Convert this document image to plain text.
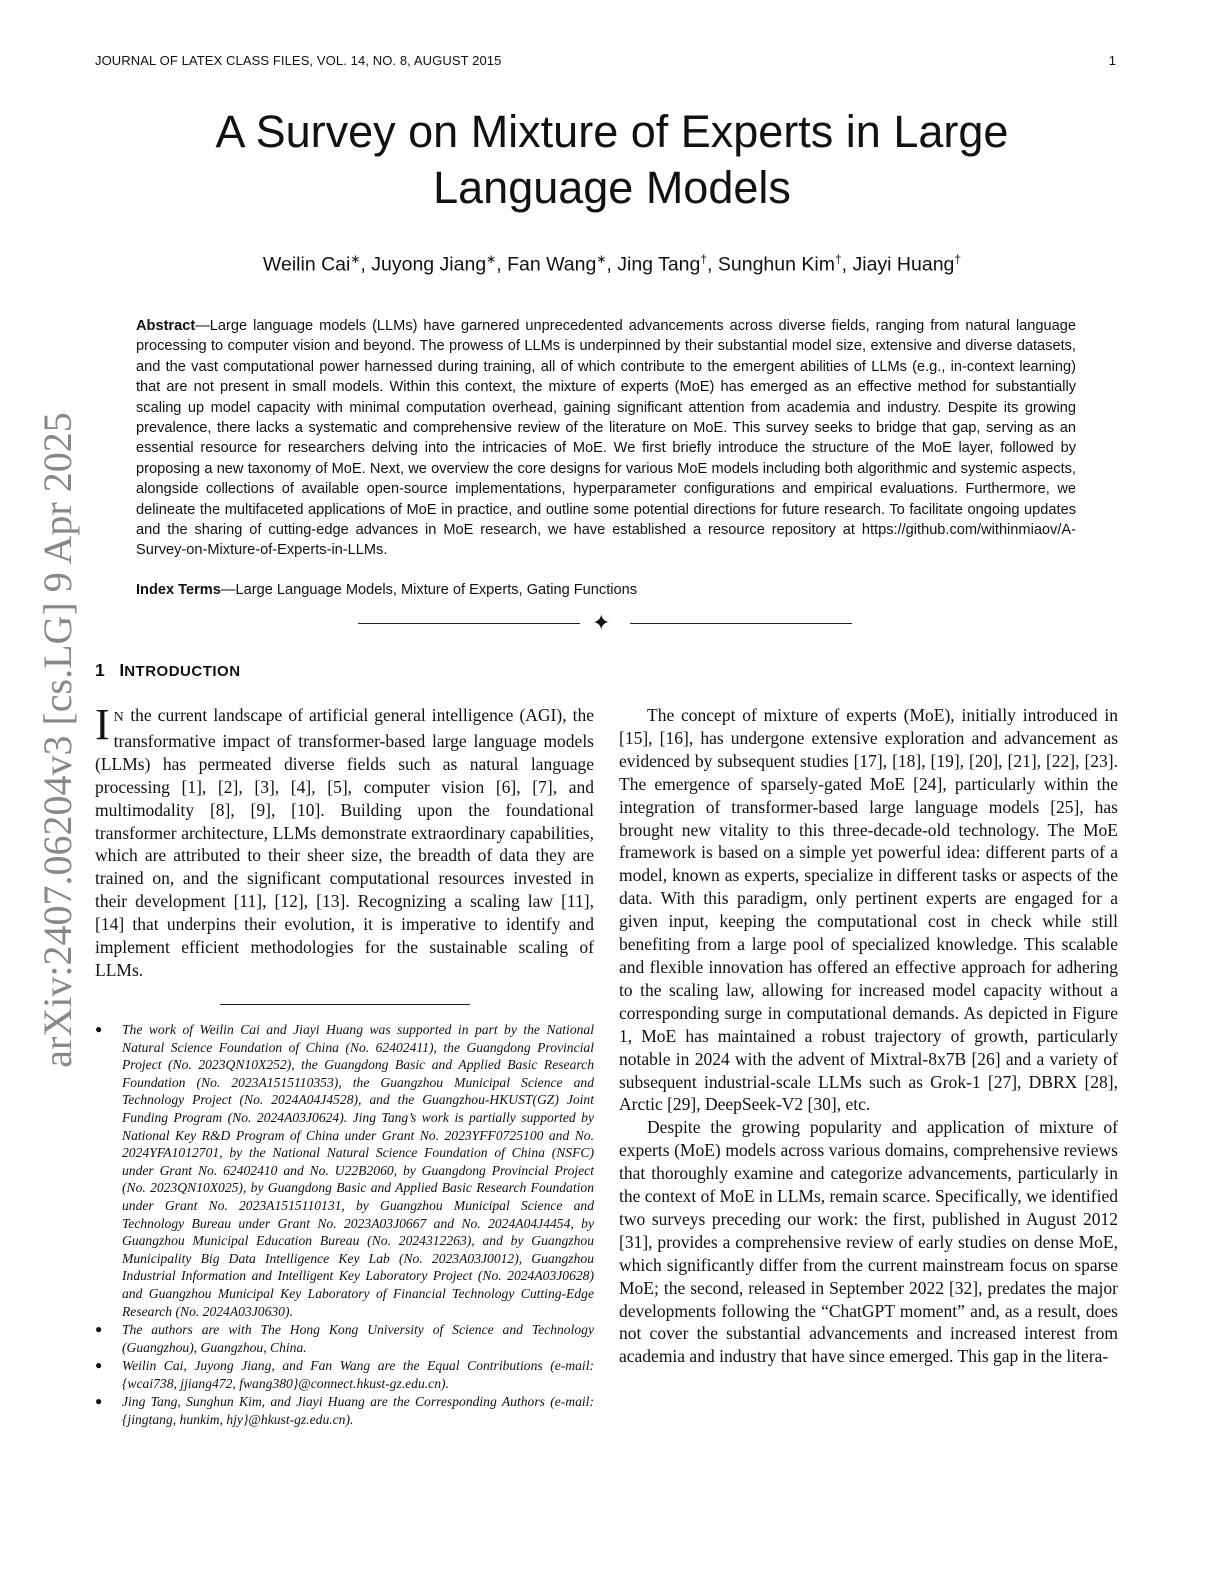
JOURNAL OF LATEX CLASS FILES, VOL. 14, NO. 8, AUGUST 2015	1
A Survey on Mixture of Experts in Large Language Models
Weilin Cai∗, Juyong Jiang∗, Fan Wang∗, Jing Tang†, Sunghun Kim†, Jiayi Huang†

Abstract—Large language models (LLMs) have garnered unprecedented advancements across diverse fields, ranging from natural language processing to computer vision and beyond. The prowess of LLMs is underpinned by their substantial model size, extensive and diverse datasets, and the vast computational power harnessed during training, all of which contribute to the emergent abilities of LLMs (e.g., in-context learning) that are not present in small models. Within this context, the mixture of experts (MoE) has emerged as an effective method for substantially scaling up model capacity with minimal computation overhead, gaining significant attention from academia and industry. Despite its growing prevalence, there lacks a systematic and comprehensive review of the literature on MoE. This survey seeks to bridge that gap, serving as an essential resource for researchers delving into the intricacies of MoE. We first briefly introduce the structure of the MoE layer, followed by proposing a new taxonomy of MoE. Next, we overview the core designs for various MoE models including both algorithmic and systemic aspects, alongside collections of available open-source implementations, hyperparameter configurations and empirical evaluations. Furthermore, we delineate the multifaceted applications of MoE in practice, and outline some potential directions for future research. To facilitate ongoing updates and the sharing of cutting-edge advances in MoE research, we have established a resource repository at https://github.com/withinmiaov/A-Survey-on-Mixture-of-Experts-in-LLMs.

Index Terms—Large Language Models, Mixture of Experts, Gating Functions

✦
1 INTRODUCTION
I N the current landscape of artificial general intelligence (AGI), the transformative impact of transformer-based large language models (LLMs) has permeated diverse fields such as natural language processing [1], [2], [3], [4], [5], computer vision [6], [7], and multimodality [8], [9], [10]. Building upon the foundational transformer architecture, LLMs demonstrate extraordinary capabilities, which are attributed to their sheer size, the breadth of data they are trained on, and the significant computational resources invested in their development [11], [12], [13]. Recognizing a scaling law [11], [14] that underpins their evolution, it is imperative to identify and implement efficient methodologies for the sustainable scaling of LLMs.
● The work of Weilin Cai and Jiayi Huang was supported in part by the National Natural Science Foundation of China (No. 62402411), the Guangdong Provincial Project (No. 2023QN10X252), the Guangdong Basic and Applied Basic Research Foundation (No. 2023A1515110353), the Guangzhou Municipal Science and Technology Project (No. 2024A04J4528), and the Guangzhou-HKUST(GZ) Joint Funding Program (No. 2024A03J0624). Jing Tang’s work is partially supported by National Key R&D Program of China under Grant No. 2023YFF0725100 and No. 2024YFA1012701, by the National Natural Science Foundation of China (NSFC) under Grant No. 62402410 and No. U22B2060, by Guangdong Provincial Project (No. 2023QN10X025), by Guangdong Basic and Applied Basic Research Foundation under Grant No. 2023A1515110131, by Guangzhou Municipal Science and Technology Bureau under Grant No. 2023A03J0667 and No. 2024A04J4454, by Guangzhou Municipal Education Bureau (No. 2024312263), and by Guangzhou Municipality Big Data Intelligence Key Lab (No. 2023A03J0012), Guangzhou Industrial Information and Intelligent Key Laboratory Project (No. 2024A03J0628) and Guangzhou Municipal Key Laboratory of Financial Technology Cutting-Edge Research (No. 2024A03J0630).
● The authors are with The Hong Kong University of Science and Technology (Guangzhou), Guangzhou, China.
● Weilin Cai, Juyong Jiang, and Fan Wang are the Equal Contributions (e-mail: {wcai738, jjiang472, fwang380}@connect.hkust-gz.edu.cn).
● Jing Tang, Sunghun Kim, and Jiayi Huang are the Corresponding Authors (e-mail: {jingtang, hunkim, hjy}@hkust-gz.edu.cn).

The concept of mixture of experts (MoE), initially introduced in [15], [16], has undergone extensive exploration and advancement as evidenced by subsequent studies [17], [18], [19], [20], [21], [22], [23]. The emergence of sparsely-gated MoE [24], particularly within the integration of transformer-based large language models [25], has brought new vitality to this three-decade-old technology. The MoE framework is based on a simple yet powerful idea: different parts of a model, known as experts, specialize in different tasks or aspects of the data. With this paradigm, only pertinent experts are engaged for a given input, keeping the computational cost in check while still benefiting from a large pool of specialized knowledge. This scalable and flexible innovation has offered an effective approach for adhering to the scaling law, allowing for increased model capacity without a corresponding surge in computational demands. As depicted in Figure 1, MoE has maintained a robust trajectory of growth, particularly notable in 2024 with the advent of Mixtral-8x7B [26] and a variety of subsequent industrial-scale LLMs such as Grok-1 [27], DBRX [28], Arctic [29], DeepSeek-V2 [30], etc.

Despite the growing popularity and application of mixture of experts (MoE) models across various domains, comprehensive reviews that thoroughly examine and categorize advancements, particularly in the context of MoE in LLMs, remain scarce. Specifically, we identified two surveys preceding our work: the first, published in August 2012 [31], provides a comprehensive review of early studies on dense MoE, which significantly differ from the current mainstream focus on sparse MoE; the second, released in September 2022 [32], predates the major developments following the “ChatGPT moment” and, as a result, does not cover the substantial advancements and increased interest from academia and industry that have since emerged. This gap in the litera-

arXiv:2407.06204v3 [cs.LG] 9 Apr 2025
